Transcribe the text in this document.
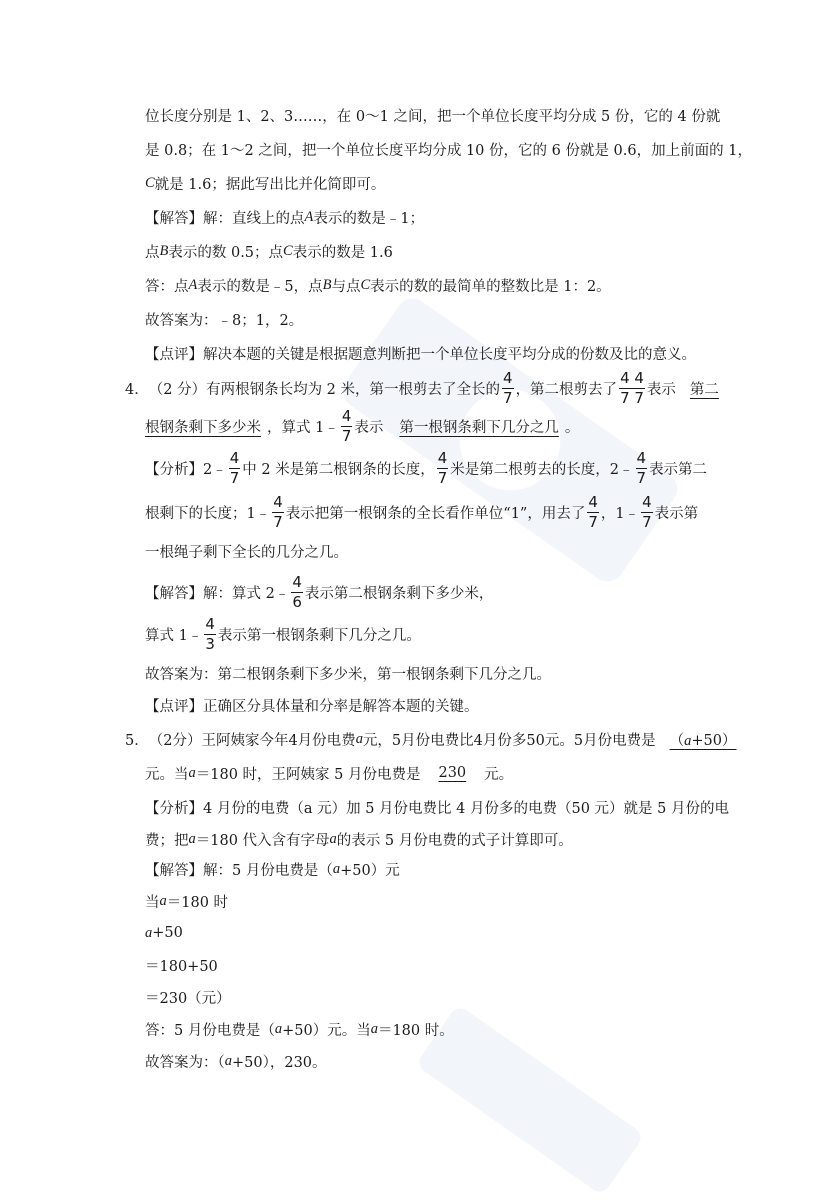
位长度分别是 1、2、3……，在 0～1 之间，把一个单位长度平均分成 5 份，它的 4 份就
是 0.8；在 1～2 之间，把一个单位长度平均分成 10 份，它的 6 份就是 0.6，加上前面的 1，
C 就是 1.6；据此写出比并化简即可。
【解答】 解：直线上的点 A 表示的数是﹣1；
点 B 表示的数 0.5；点 C 表示的数是 1.6
答：点 A 表示的数是﹣5，点 B 与点 C 表示的数的最简单的整数比是 1：2。
故答案为：﹣8；1，2。
【点评】 解决本题的关键是根据题意判断把一个单位长度平均分成的份数及比的意义。
4． （2 分）有两根钢条长均为 2 米，第一根剪去了全长的 $\frac{4}{7}$ ，第二根剪去了 $\frac{4 4}{7 7}$ 表示 第二
根钢条剩下多少米 ，算式 1﹣ $\frac{4}{7}$ 表示	第一根钢条剩下几分之几 。
【分析】 2﹣ $\frac{4}{7}$ 中 2 米是第二根钢条的长度， $\frac{4}{7}$ 米是第二根剪去的长度，2﹣ $\frac{4}{7}$ 表示第二
根剩下的长度；1﹣ $\frac{4}{7}$ 表示把第一根钢条的全长看作单位“1”，用去了 $\frac{4}{7}$ ，1﹣ $\frac{4}{7}$ 表示第
一根绳子剩下全长的几分之几。
【解答】 解：算式 2﹣ $\frac{4}{6}$ 表示第二根钢条剩下多少米，
算式 1﹣ $\frac{4}{3}$ 表示第一根钢条剩下几分之几。
故答案为：第二根钢条剩下多少米，第一根钢条剩下几分之几。
【点评】 正确区分具体量和分率是解答本题的关键。
5． （2分）王阿姨家今年4月份电费 a 元，5月份电费比4月份多50元。5月份电费是 （a+50）
元。当 a ＝180 时，王阿姨家 5 月份电费是	230	元。
【分析】 4 月份的电费（a 元）加 5 月份电费比 4 月份多的电费（50 元）就是 5 月份的电
费；把 a ＝180 代入含有字母 a 的表示 5 月份电费的式子计算即可。
【解答】 解：5 月份电费是（ a +50）元
当 a ＝180 时
a +50
＝180+50
＝230（元）
答：5 月份电费是（ a +50）元。当 a ＝180 时。
故答案为：（ a +50），230。
